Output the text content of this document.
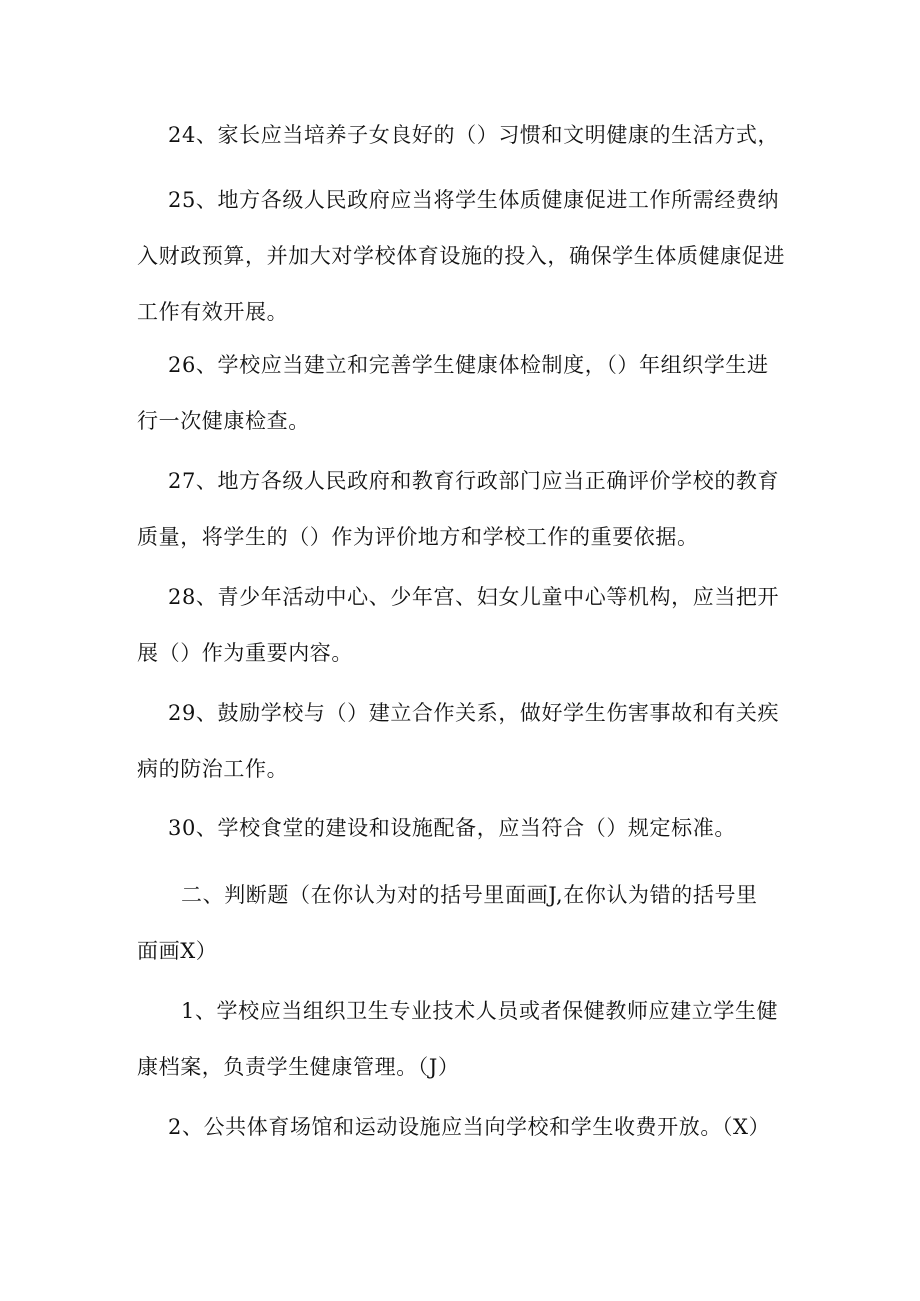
24、家长应当培养子女良好的（）习惯和文明健康的生活方式，
25、地方各级人民政府应当将学生体质健康促进工作所需经费纳
入财政预算，并加大对学校体育设施的投入，确保学生体质健康促进
工作有效开展。
26、学校应当建立和完善学生健康体检制度，（）年组织学生进
行一次健康检查。
27、地方各级人民政府和教育行政部门应当正确评价学校的教育
质量，将学生的（）作为评价地方和学校工作的重要依据。
28、青少年活动中心、少年宫、妇女儿童中心等机构，应当把开
展（）作为重要内容。
29、鼓励学校与（）建立合作关系，做好学生伤害事故和有关疾
病的防治工作。
30、学校食堂的建设和设施配备，应当符合（）规定标准。
二、判断题（在你认为对的括号里面画J,在你认为错的括号里
面画X）
1、学校应当组织卫生专业技术人员或者保健教师应建立学生健
康档案，负责学生健康管理。（J）
2、公共体育场馆和运动设施应当向学校和学生收费开放。（X）
